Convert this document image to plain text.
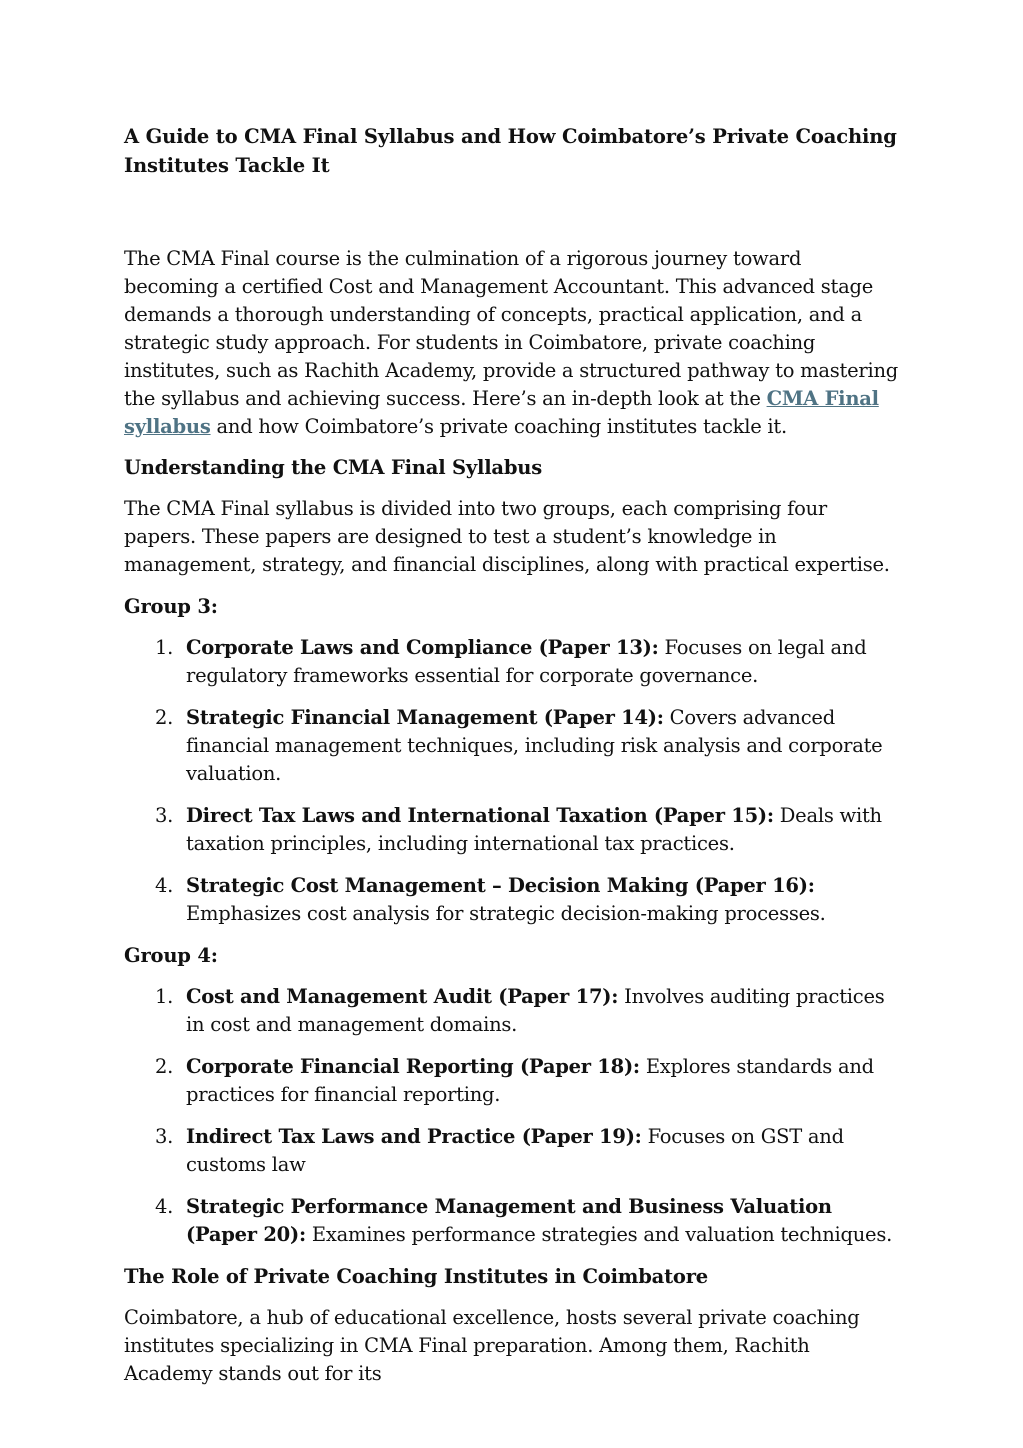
A Guide to CMA Final Syllabus and How Coimbatore’s Private Coaching Institutes Tackle It

The CMA Final course is the culmination of a rigorous journey toward becoming a certified Cost and Management Accountant. This advanced stage demands a thorough understanding of concepts, practical application, and a strategic study approach. For students in Coimbatore, private coaching institutes, such as Rachith Academy, provide a structured pathway to mastering the syllabus and achieving success. Here’s an in-depth look at the CMA Final syllabus and how Coimbatore’s private coaching institutes tackle it.

Understanding the CMA Final Syllabus

The CMA Final syllabus is divided into two groups, each comprising four papers. These papers are designed to test a student’s knowledge in management, strategy, and financial disciplines, along with practical expertise.

Group 3:
1. Corporate Laws and Compliance (Paper 13): Focuses on legal and regulatory frameworks essential for corporate governance.
2. Strategic Financial Management (Paper 14): Covers advanced financial management techniques, including risk analysis and corporate valuation.
3. Direct Tax Laws and International Taxation (Paper 15): Deals with taxation principles, including international tax practices.
4. Strategic Cost Management – Decision Making (Paper 16): Emphasizes cost analysis for strategic decision-making processes.
Group 4:
1. Cost and Management Audit (Paper 17): Involves auditing practices in cost and management domains.
2. Corporate Financial Reporting (Paper 18): Explores standards and practices for financial reporting.
3. Indirect Tax Laws and Practice (Paper 19): Focuses on GST and customs law
4. Strategic Performance Management and Business Valuation (Paper 20): Examines performance strategies and valuation techniques.
The Role of Private Coaching Institutes in Coimbatore

Coimbatore, a hub of educational excellence, hosts several private coaching institutes specializing in CMA Final preparation. Among them, Rachith Academy stands out for its
